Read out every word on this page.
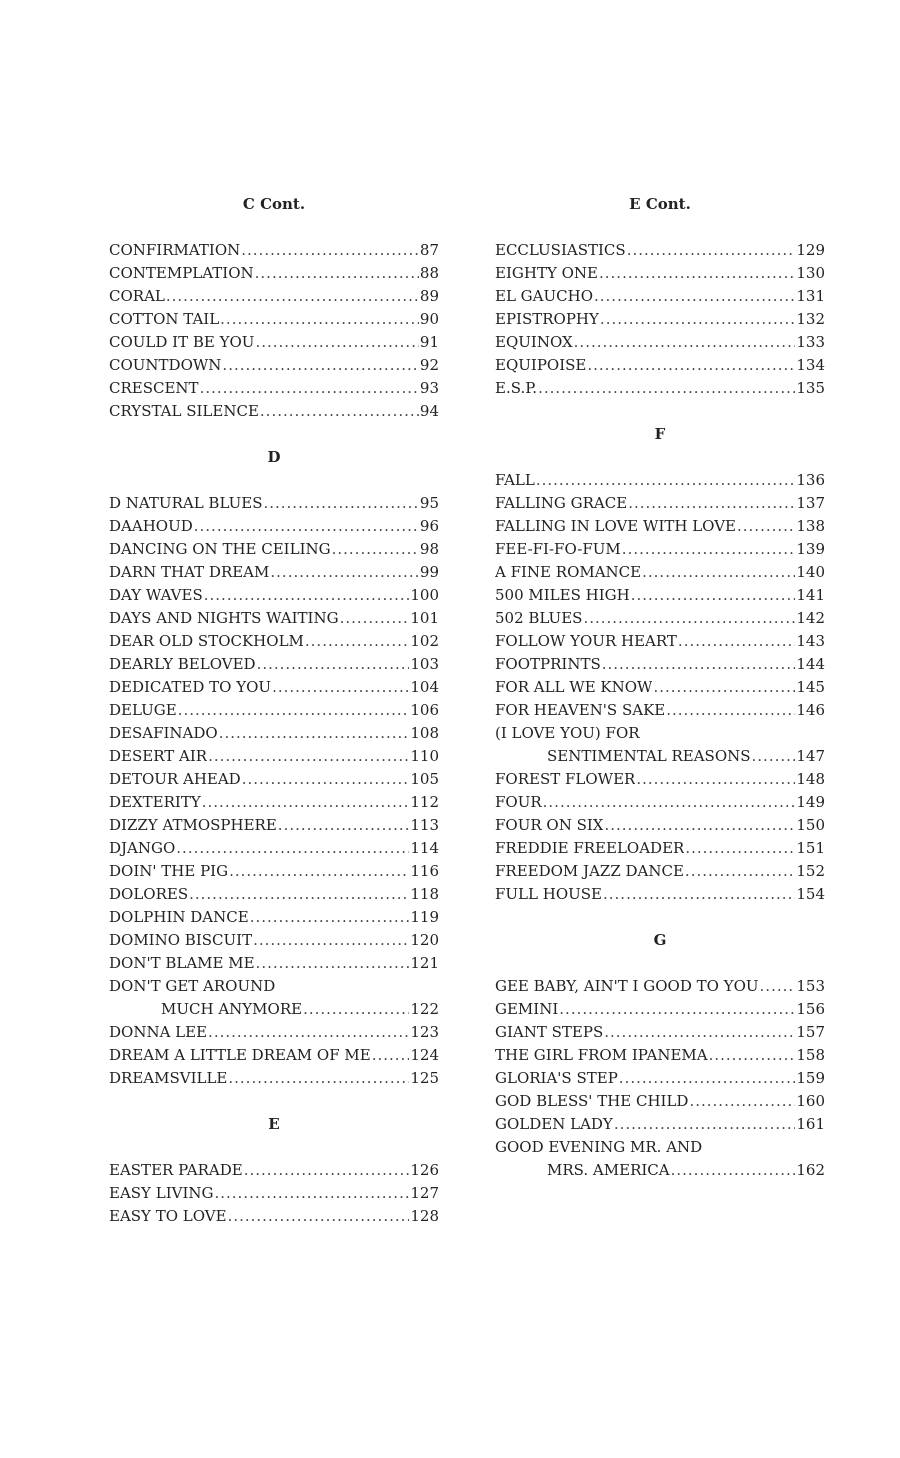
C Cont.
CONFIRMATION .....	87
CONTEMPLATION .....	88
CORAL .....	89
COTTON TAIL .....	90
COULD IT BE YOU .....	91
COUNTDOWN .....	92
CRESCENT .....	93
CRYSTAL SILENCE .....	94
D
D NATURAL BLUES .....	95
DAAHOUD .....	96
DANCING ON THE CEILING .....	98
DARN THAT DREAM .....	99
DAY WAVES .....	100
DAYS AND NIGHTS WAITING .....	101
DEAR OLD STOCKHOLM .....	102
DEARLY BELOVED .....	103
DEDICATED TO YOU .....	104
DELUGE .....	106
DESAFINADO .....	108
DESERT AIR .....	110
DETOUR AHEAD .....	105
DEXTERITY .....	112
DIZZY ATMOSPHERE .....	113
DJANGO .....	114
DOIN' THE PIG .....	116
DOLORES .....	118
DOLPHIN DANCE .....	119
DOMINO BISCUIT .....	120
DON'T BLAME ME .....	121
DON'T GET AROUND
MUCH ANYMORE .....	122
DONNA LEE .....	123
DREAM A LITTLE DREAM OF ME .....	124
DREAMSVILLE .....	125
E
EASTER PARADE .....	126
EASY LIVING .....	127
EASY TO LOVE .....	128
E Cont.
ECCLUSIASTICS .....	129
EIGHTY ONE .....	130
EL GAUCHO .....	131
EPISTROPHY .....	132
EQUINOX .....	133
EQUIPOISE .....	134
E.S.P. .....	135
F
FALL .....	136
FALLING GRACE .....	137
FALLING IN LOVE WITH LOVE .....	138
FEE-FI-FO-FUM .....	139
A FINE ROMANCE .....	140
500 MILES HIGH .....	141
502 BLUES .....	142
FOLLOW YOUR HEART .....	143
FOOTPRINTS .....	144
FOR ALL WE KNOW .....	145
FOR HEAVEN'S SAKE .....	146
(I LOVE YOU) FOR
SENTIMENTAL REASONS .....	147
FOREST FLOWER .....	148
FOUR .....	149
FOUR ON SIX .....	150
FREDDIE FREELOADER .....	151
FREEDOM JAZZ DANCE .....	152
FULL HOUSE .....	154
G
GEE BABY, AIN'T I GOOD TO YOU .....	153
GEMINI .....	156
GIANT STEPS .....	157
THE GIRL FROM IPANEMA .....	158
GLORIA'S STEP .....	159
GOD BLESS' THE CHILD .....	160
GOLDEN LADY .....	161
GOOD EVENING MR. AND
MRS. AMERICA .....	162
